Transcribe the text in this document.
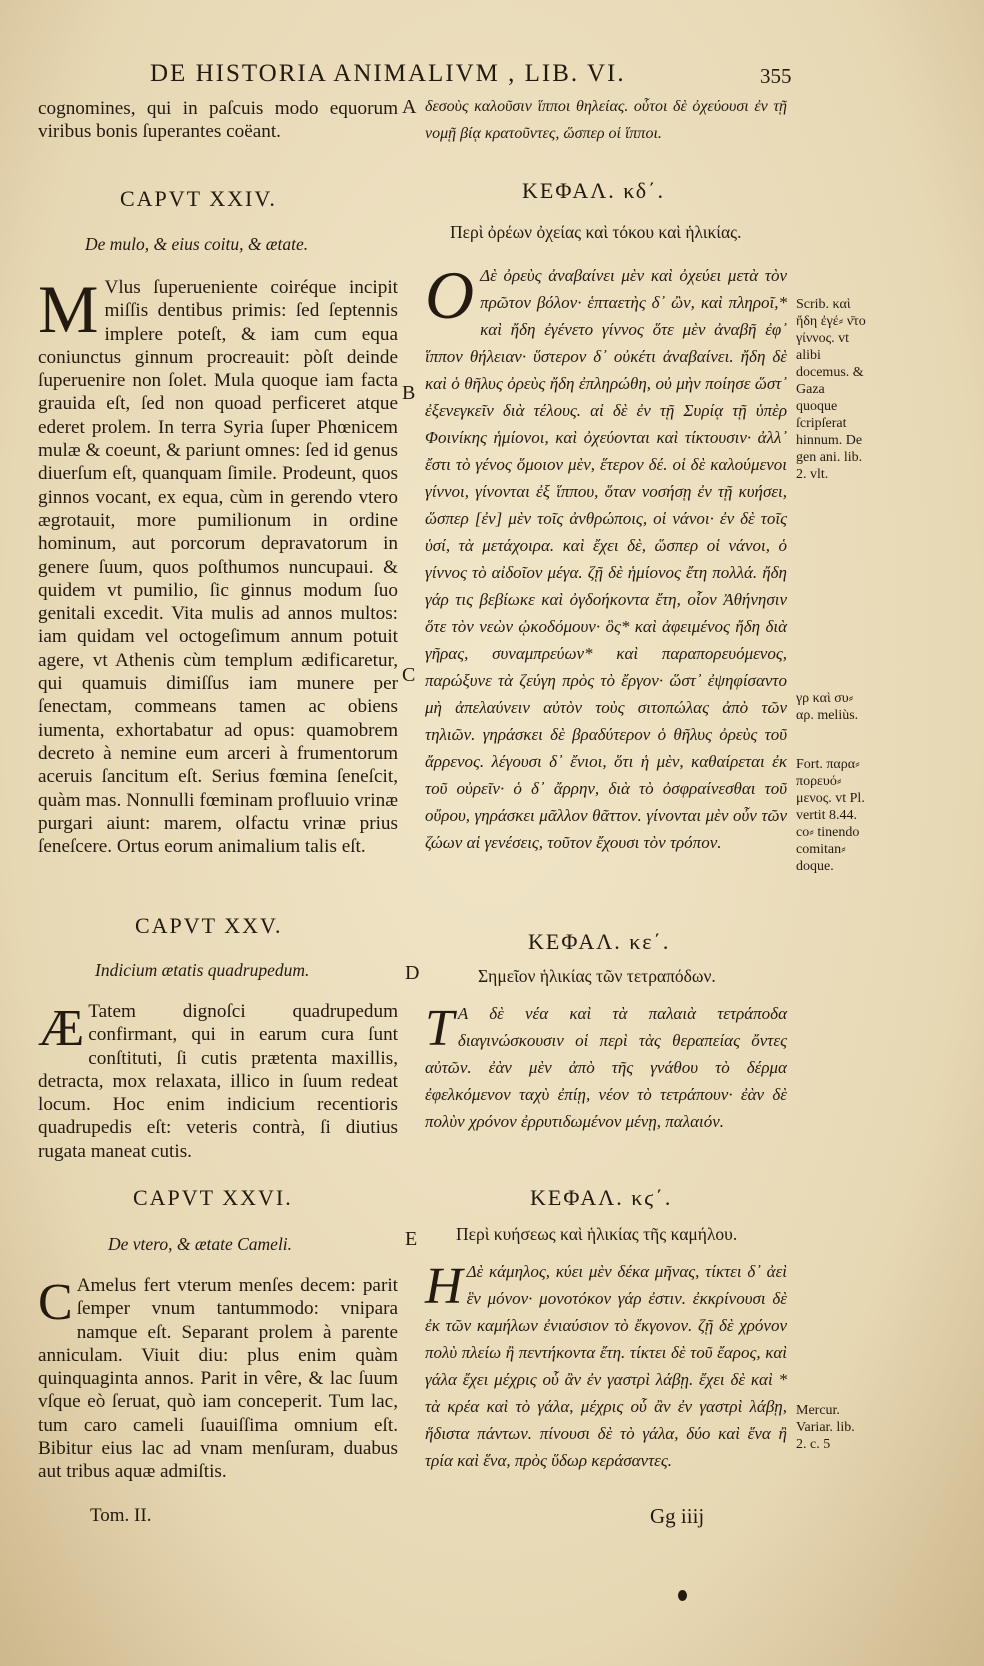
DE HISTORIA ANIMALIVM , LIB. VI.	355
cognomines, qui in paſcuis modo equorum viribus bonis ſuperantes coëant.
δεσοὺς καλοῦσιν ἵπποι θηλείας. οὗτοι δὲ ὀχεύουσι ἐν τῇ νομῇ βίᾳ κρατοῦντες, ὥσπερ οἱ ἵπποι.
A
B
C
D
E
CAPVT XXIV.
De mulo, & eius coitu, & ætate.
M Vlus ſuperueniente coiréque incipit miſſis dentibus primis: ſed ſeptennis implere poteſt, & iam cum equa coniunctus ginnum procreauit: pòſt deinde ſuperuenire non ſolet. Mula quoque iam facta grauida eſt, ſed non quoad perficeret atque ederet prolem. In terra Syria ſuper Phœnicem mulæ & coeunt, & pariunt omnes: ſed id genus diuerſum eſt, quanquam ſimile. Prodeunt, quos ginnos vocant, ex equa, cùm in gerendo vtero ægrotauit, more pumilionum in ordine hominum, aut porcorum depravatorum in genere ſuum, quos poſthumos nuncupaui. & quidem vt pumilio, ſic ginnus modum ſuo genitali excedit. Vita mulis ad annos multos: iam quidam vel octogeſimum annum potuit agere, vt Athenis cùm templum ædificaretur, qui quamuis dimiſſus iam munere per ſenectam, commeans tamen ac obiens iumenta, exhortabatur ad opus: quamobrem decreto à nemine eum arceri à frumentorum aceruis ſancitum eſt. Serius fœmina ſeneſcit, quàm mas. Nonnulli fœminam profluuio vrinæ purgari aiunt: marem, olfactu vrinæ prius ſeneſcere. Ortus eorum animalium talis eſt.
ΚΕΦΑΛ. κδ΄.
Περὶ ὀρέων ὀχείας καὶ τόκου καὶ ἡλικίας.
Ο Δὲ ὀρεὺς ἀναβαίνει μὲν καὶ ὀχεύει μετὰ τὸν πρῶτον βόλον· ἑπταετὴς δ᾽ ὢν, καὶ πληροῖ,* καὶ ἤδη ἐγένετο γίννος ὅτε μὲν ἀναβῆ ἐφ᾽ ἵππον θήλειαν· ὕστερον δ᾽ οὐκέτι ἀναβαίνει. ἤδη δὲ καὶ ὁ θῆλυς ὀρεὺς ἤδη ἐπληρώθη, οὐ μὴν ποίησε ὥστ᾽ ἐξενεγκεῖν διὰ τέλους. αἱ δὲ ἐν τῇ Συρίᾳ τῇ ὑπὲρ Φοινίκης ἡμίονοι, καὶ ὀχεύονται καὶ τίκτουσιν· ἀλλ᾽ ἔστι τὸ γένος ὅμοιον μὲν, ἕτερον δέ. οἱ δὲ καλούμενοι γίννοι, γίνονται ἐξ ἵππου, ὅταν νοσήσῃ ἐν τῇ κυήσει, ὥσπερ [ἐν] μὲν τοῖς ἀνθρώποις, οἱ νάνοι· ἐν δὲ τοῖς ὑσί, τὰ μετάχοιρα. καὶ ἔχει δὲ, ὥσπερ οἱ νάνοι, ὁ γίννος τὸ αἰδοῖον μέγα. ζῇ δὲ ἡμίονος ἔτη πολλά. ἤδη γάρ τις βεβίωκε καὶ ὀγδοήκοντα ἔτη, οἷον Ἀθήνησιν ὅτε τὸν νεὼν ᾠκοδόμουν· ὃς* καὶ ἀφειμένος ἤδη διὰ γῆρας, συναμπρεύων* καὶ παραπορευόμενος, παρώξυνε τὰ ζεύγη πρὸς τὸ ἔργον· ὥστ᾽ ἐψηφίσαντο μὴ ἀπελαύνειν αὐτὸν τοὺς σιτοπώλας ἀπὸ τῶν τηλιῶν. γηράσκει δὲ βραδύτερον ὁ θῆλυς ὀρεὺς τοῦ ἄρρενος. λέγουσι δ᾽ ἔνιοι, ὅτι ἡ μὲν, καθαίρεται ἐκ τοῦ οὐρεῖν· ὁ δ᾽ ἄρρην, διὰ τὸ ὀσφραίνεσθαι τοῦ οὔρου, γηράσκει μᾶλλον θᾶττον. γίνονται μὲν οὖν τῶν ζώων αἱ γενέσεις, τοῦτον ἔχουσι τὸν τρόπον.
CAPVT XXV.
Indicium ætatis quadrupedum.
Æ Tatem dignoſci quadrupedum confirmant, qui in earum cura ſunt conſtituti, ſi cutis prætenta maxillis, detracta, mox relaxata, illico in ſuum redeat locum. Hoc enim indicium recentioris quadrupedis eſt: veteris contrà, ſi diutius rugata maneat cutis.
ΚΕΦΑΛ. κε΄.
Σημεῖον ἡλικίας τῶν τετραπόδων.
Τ Α δὲ νέα καὶ τὰ παλαιὰ τετράποδα διαγινώσκουσιν οἱ περὶ τὰς θεραπείας ὄντες αὐτῶν. ἐὰν μὲν ἀπὸ τῆς γνάθου τὸ δέρμα ἐφελκόμενον ταχὺ ἐπίῃ, νέον τὸ τετράπουν· ἐὰν δὲ πολὺν χρόνον ἐρρυτιδωμένον μένῃ, παλαιόν.
CAPVT XXVI.
De vtero, & ætate Cameli.
C Amelus fert vterum menſes decem: parit ſemper vnum tantummodo: vnipara namque eſt. Separant prolem à parente anniculam. Viuit diu: plus enim quàm quinquaginta annos. Parit in vêre, & lac ſuum vſque eò ſeruat, quò iam conceperit. Tum lac, tum caro cameli ſuauiſſima omnium eſt. Bibitur eius lac ad vnam menſuram, duabus aut tribus aquæ admiſtis.
ΚΕΦΑΛ. κϛ΄.
Περὶ κυήσεως καὶ ἡλικίας τῆς καμήλου.
Η Δὲ κάμηλος, κύει μὲν δέκα μῆνας, τίκτει δ᾽ ἀεὶ ἓν μόνον· μονοτόκον γάρ ἐστιν. ἐκκρίνουσι δὲ ἐκ τῶν καμήλων ἐνιαύσιον τὸ ἔκγονον. ζῇ δὲ χρόνον πολὺ πλείω ἢ πεντήκοντα ἔτη. τίκτει δὲ τοῦ ἔαρος, καὶ γάλα ἔχει μέχρις οὗ ἂν ἐν γαστρὶ λάβῃ. ἔχει δὲ καὶ * τὰ κρέα καὶ τὸ γάλα, μέχρις οὗ ἂν ἐν γαστρὶ λάβῃ, ἥδιστα πάντων. πίνουσι δὲ τὸ γάλα, δύο καὶ ἕνα ἢ τρία καὶ ἕνα, πρὸς ὕδωρ κεράσαντες.
Scrib. καὶ ἤδη ἐγέ⸗ ν̄το γίννος. vt alibi docemus. & Gaza quoque ſcripſerat hinnum. De gen ani. lib. 2. vlt.
γρ καὶ συ⸗ αρ. meliùs.
Fort. παρα⸗ πορευό⸗ μενος. vt Pl. vertit 8.44. co⸗ tinendo comitan⸗ doque.
Mercur. Variar. lib. 2. c. 5
Tom. II.	Gg iiij
